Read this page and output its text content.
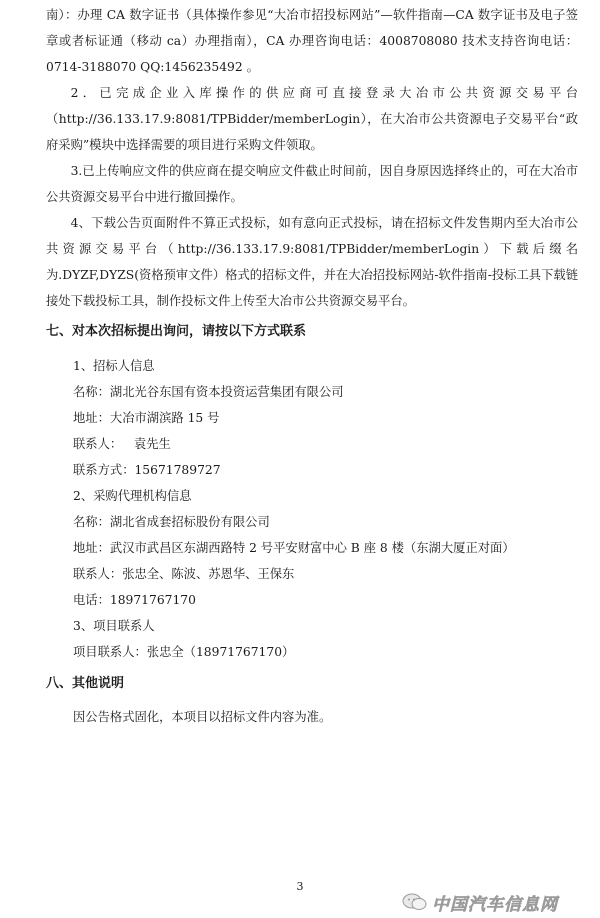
南）：办理 CA 数字证书（具体操作参见“大冶市招投标网站”—软件指南—CA 数字证书及电子签章或者标证通（移动 ca）办理指南），CA 办理咨询电话：4008708080 技术支持咨询电话：0714-3188070 QQ:1456235492 。

2．已完成企业入库操作的供应商可直接登录大冶市公共资源交易平台（http://36.133.17.9:8081/TPBidder/memberLogin），在大冶市公共资源电子交易平台“政府采购”模块中选择需要的项目进行采购文件领取。

3.已上传响应文件的供应商在提交响应文件截止时间前，因自身原因选择终止的，可在大冶市公共资源交易平台中进行撤回操作。

4、下载公告页面附件不算正式投标，如有意向正式投标，请在招标文件发售期内至大冶市公共资源交易平台（http://36.133.17.9:8081/TPBidder/memberLogin）下载后缀名为.DYZF,DYZS(资格预审文件）格式的招标文件，并在大冶招投标网站-软件指南-投标工具下载链接处下载投标工具，制作投标文件上传至大冶市公共资源交易平台。

七、对本次招标提出询问，请按以下方式联系

1、招标人信息

名称：湖北光谷东国有资本投资运营集团有限公司

地址：大冶市湖滨路 15 号

联系人：   袁先生

联系方式：15671789727

2、采购代理机构信息

名称：湖北省成套招标股份有限公司

地址：武汉市武昌区东湖西路特 2 号平安财富中心 B 座 8 楼（东湖大厦正对面）

联系人：张忠全、陈波、苏恩华、王保东

电话：18971767170

3、项目联系人

项目联系人：张忠全（18971767170）

八、其他说明

因公告格式固化，本项目以招标文件内容为准。

3
中国汽车信息网
